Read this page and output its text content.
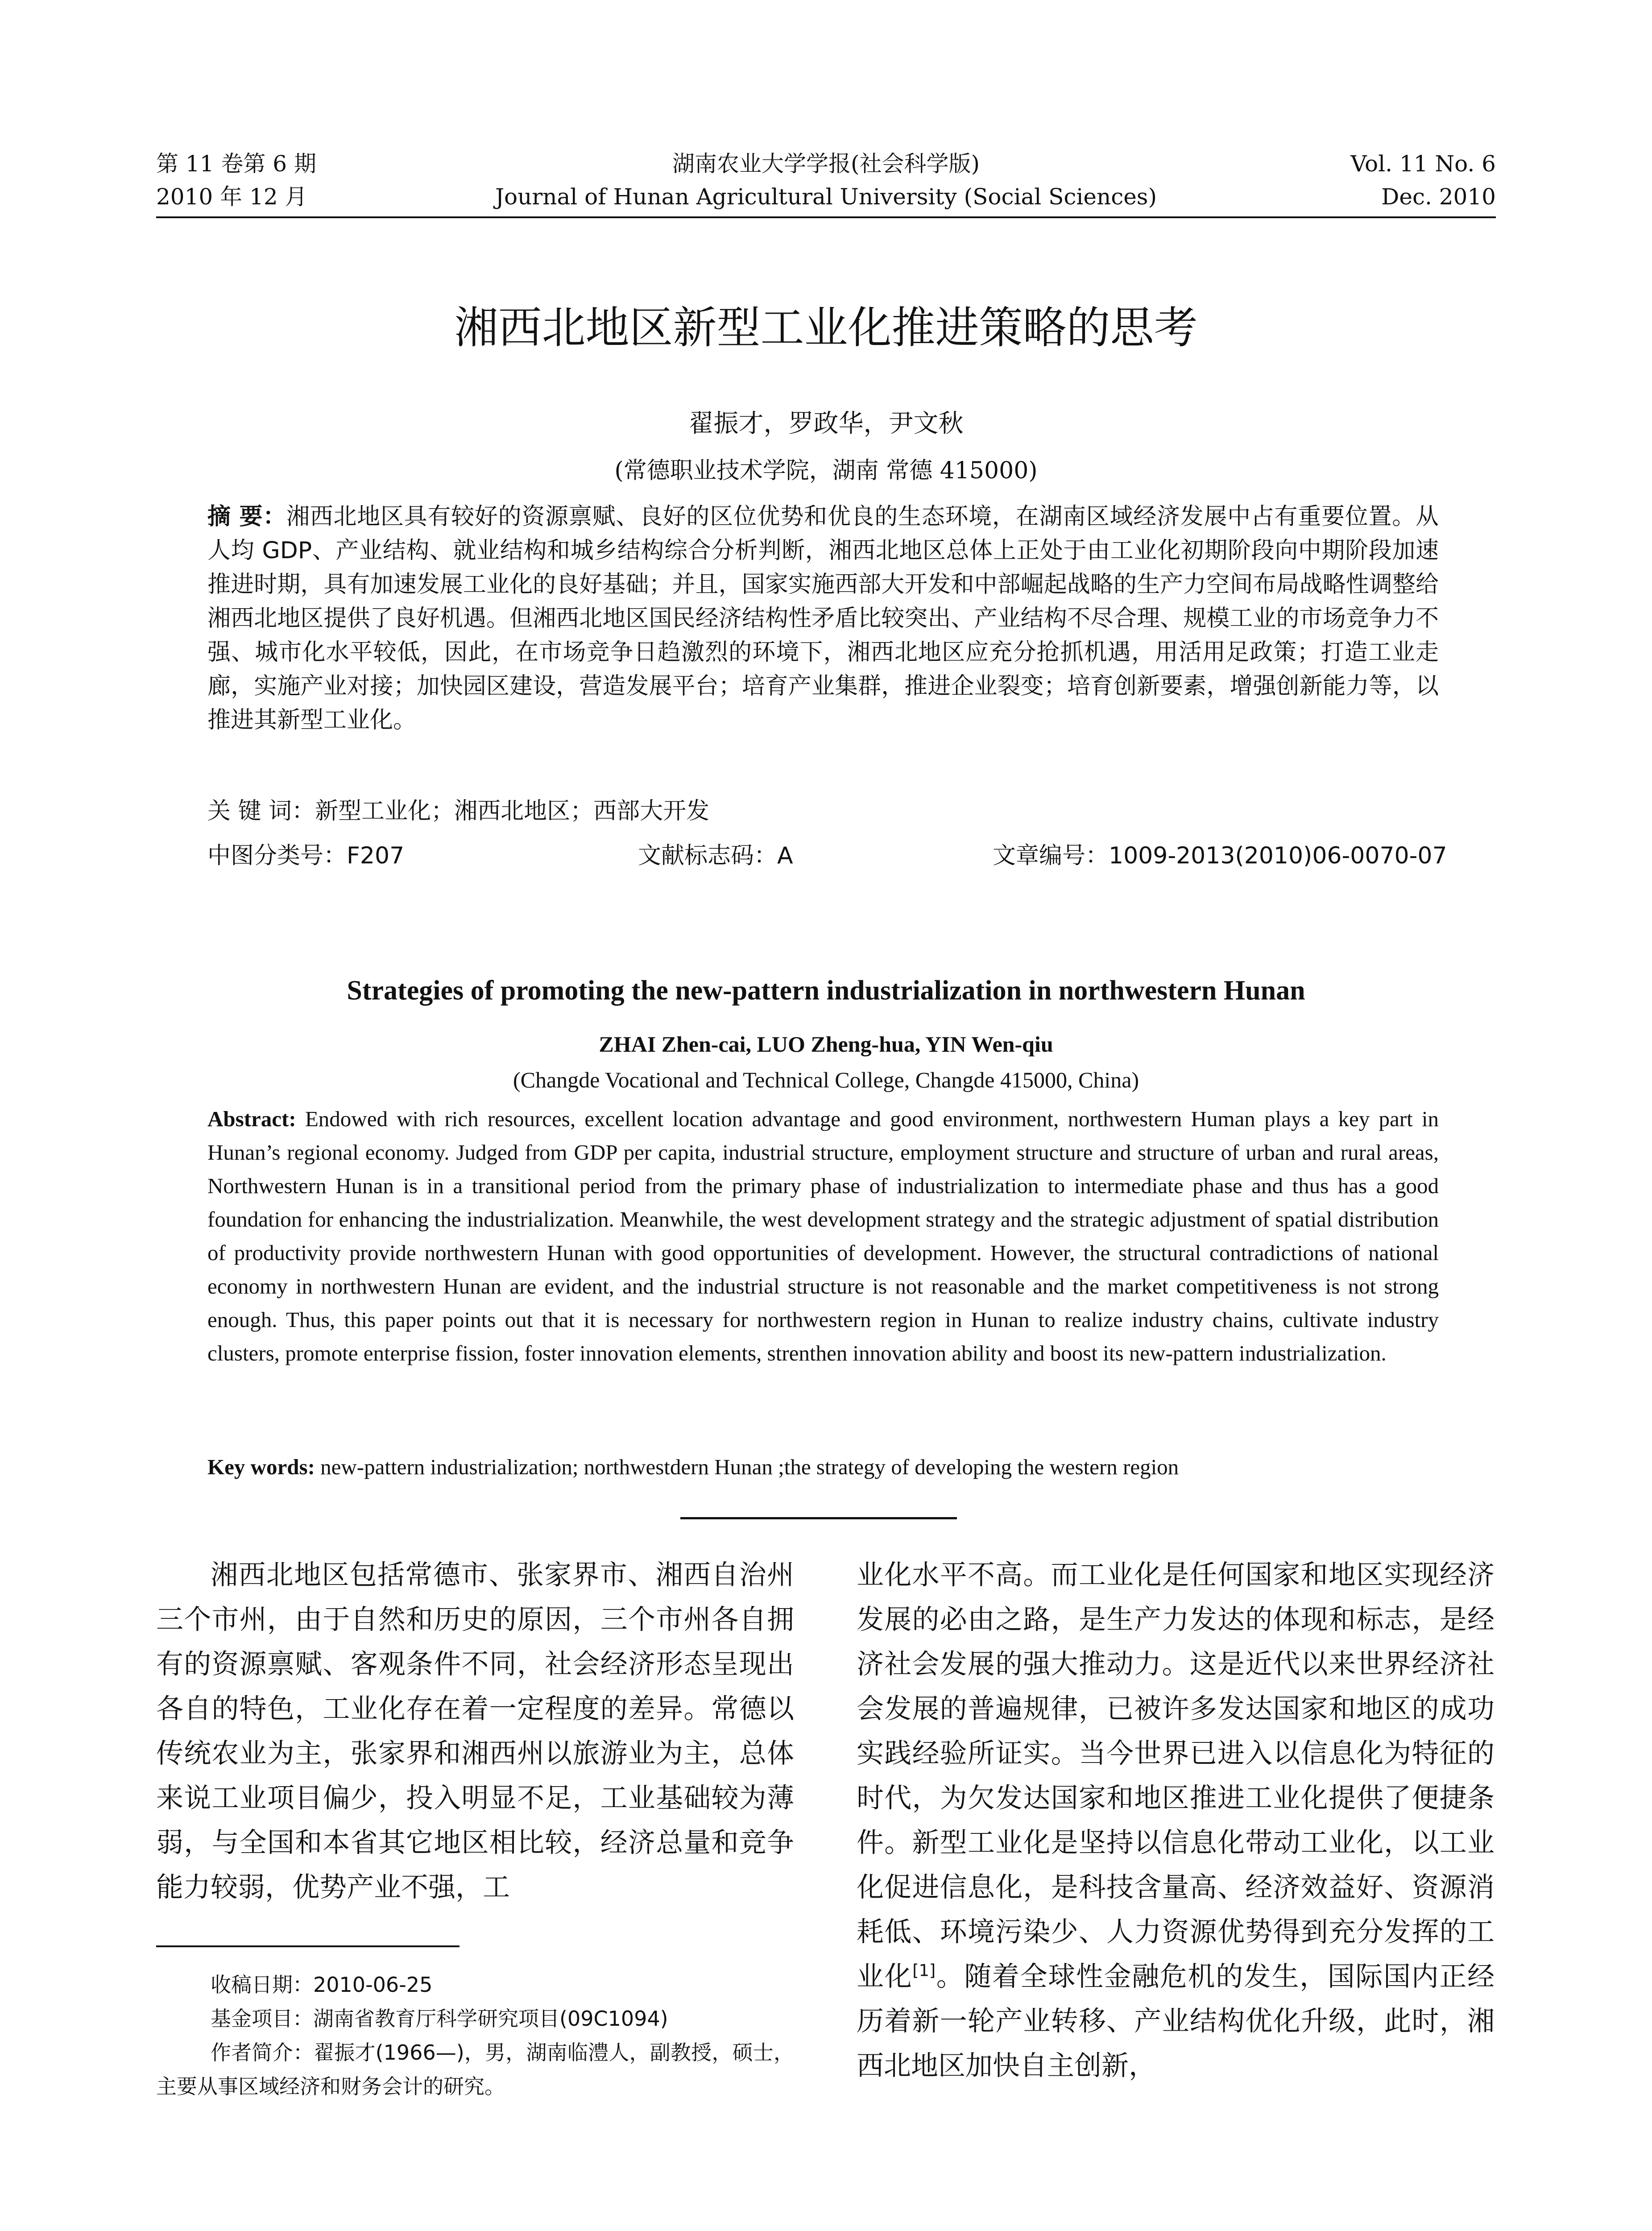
第 11 卷第 6 期
2010 年 12 月
湖南农业大学学报(社会科学版)
Journal of Hunan Agricultural University (Social Sciences)
Vol. 11 No. 6
Dec. 2010
湘西北地区新型工业化推进策略的思考
翟振才，罗政华，尹文秋
(常德职业技术学院，湖南 常德 415000)
摘 要：湘西北地区具有较好的资源禀赋、良好的区位优势和优良的生态环境，在湖南区域经济发展中占有重要位置。从人均 GDP、产业结构、就业结构和城乡结构综合分析判断，湘西北地区总体上正处于由工业化初期阶段向中期阶段加速推进时期，具有加速发展工业化的良好基础；并且，国家实施西部大开发和中部崛起战略的生产力空间布局战略性调整给湘西北地区提供了良好机遇。但湘西北地区国民经济结构性矛盾比较突出、产业结构不尽合理、规模工业的市场竞争力不强、城市化水平较低，因此，在市场竞争日趋激烈的环境下，湘西北地区应充分抢抓机遇，用活用足政策；打造工业走廊，实施产业对接；加快园区建设，营造发展平台；培育产业集群，推进企业裂变；培育创新要素，增强创新能力等，以推进其新型工业化。
关 键 词：新型工业化；湘西北地区；西部大开发
中图分类号：F207	文献标志码：A	文章编号：1009-2013(2010)06-0070-07
Strategies of promoting the new-pattern industrialization in northwestern Hunan
ZHAI Zhen-cai, LUO Zheng-hua, YIN Wen-qiu
(Changde Vocational and Technical College, Changde 415000, China)
Abstract: Endowed with rich resources, excellent location advantage and good environment, northwestern Human plays a key part in Hunan’s regional economy. Judged from GDP per capita, industrial structure, employment structure and structure of urban and rural areas, Northwestern Hunan is in a transitional period from the primary phase of industrialization to intermediate phase and thus has a good foundation for enhancing the industrialization. Meanwhile, the west development strategy and the strategic adjustment of spatial distribution of productivity provide northwestern Hunan with good opportunities of development. However, the structural contradictions of national economy in northwestern Hunan are evident, and the industrial structure is not reasonable and the market competitiveness is not strong enough. Thus, this paper points out that it is necessary for northwestern region in Hunan to realize industry chains, cultivate industry clusters, promote enterprise fission, foster innovation elements, strenthen innovation ability and boost its new-pattern industrialization.
Key words: new-pattern industrialization; northwestdern Hunan ;the strategy of developing the western region
湘西北地区包括常德市、张家界市、湘西自治州三个市州，由于自然和历史的原因，三个市州各自拥有的资源禀赋、客观条件不同，社会经济形态呈现出各自的特色，工业化存在着一定程度的差异。常德以传统农业为主，张家界和湘西州以旅游业为主，总体来说工业项目偏少，投入明显不足，工业基础较为薄弱，与全国和本省其它地区相比较，经济总量和竞争能力较弱，优势产业不强，工
业化水平不高。而工业化是任何国家和地区实现经济发展的必由之路，是生产力发达的体现和标志，是经济社会发展的强大推动力。这是近代以来世界经济社会发展的普遍规律，已被许多发达国家和地区的成功实践经验所证实。当今世界已进入以信息化为特征的时代，为欠发达国家和地区推进工业化提供了便捷条件。新型工业化是坚持以信息化带动工业化，以工业化促进信息化，是科技含量高、经济效益好、资源消耗低、环境污染少、人力资源优势得到充分发挥的工业化[1]。随着全球性金融危机的发生，国际国内正经历着新一轮产业转移、产业结构优化升级，此时，湘西北地区加快自主创新，

收稿日期：2010-06-25

基金项目：湖南省教育厅科学研究项目(09C1094)

作者简介：翟振才(1966—)，男，湖南临澧人，副教授，硕士，主要从事区域经济和财务会计的研究。
